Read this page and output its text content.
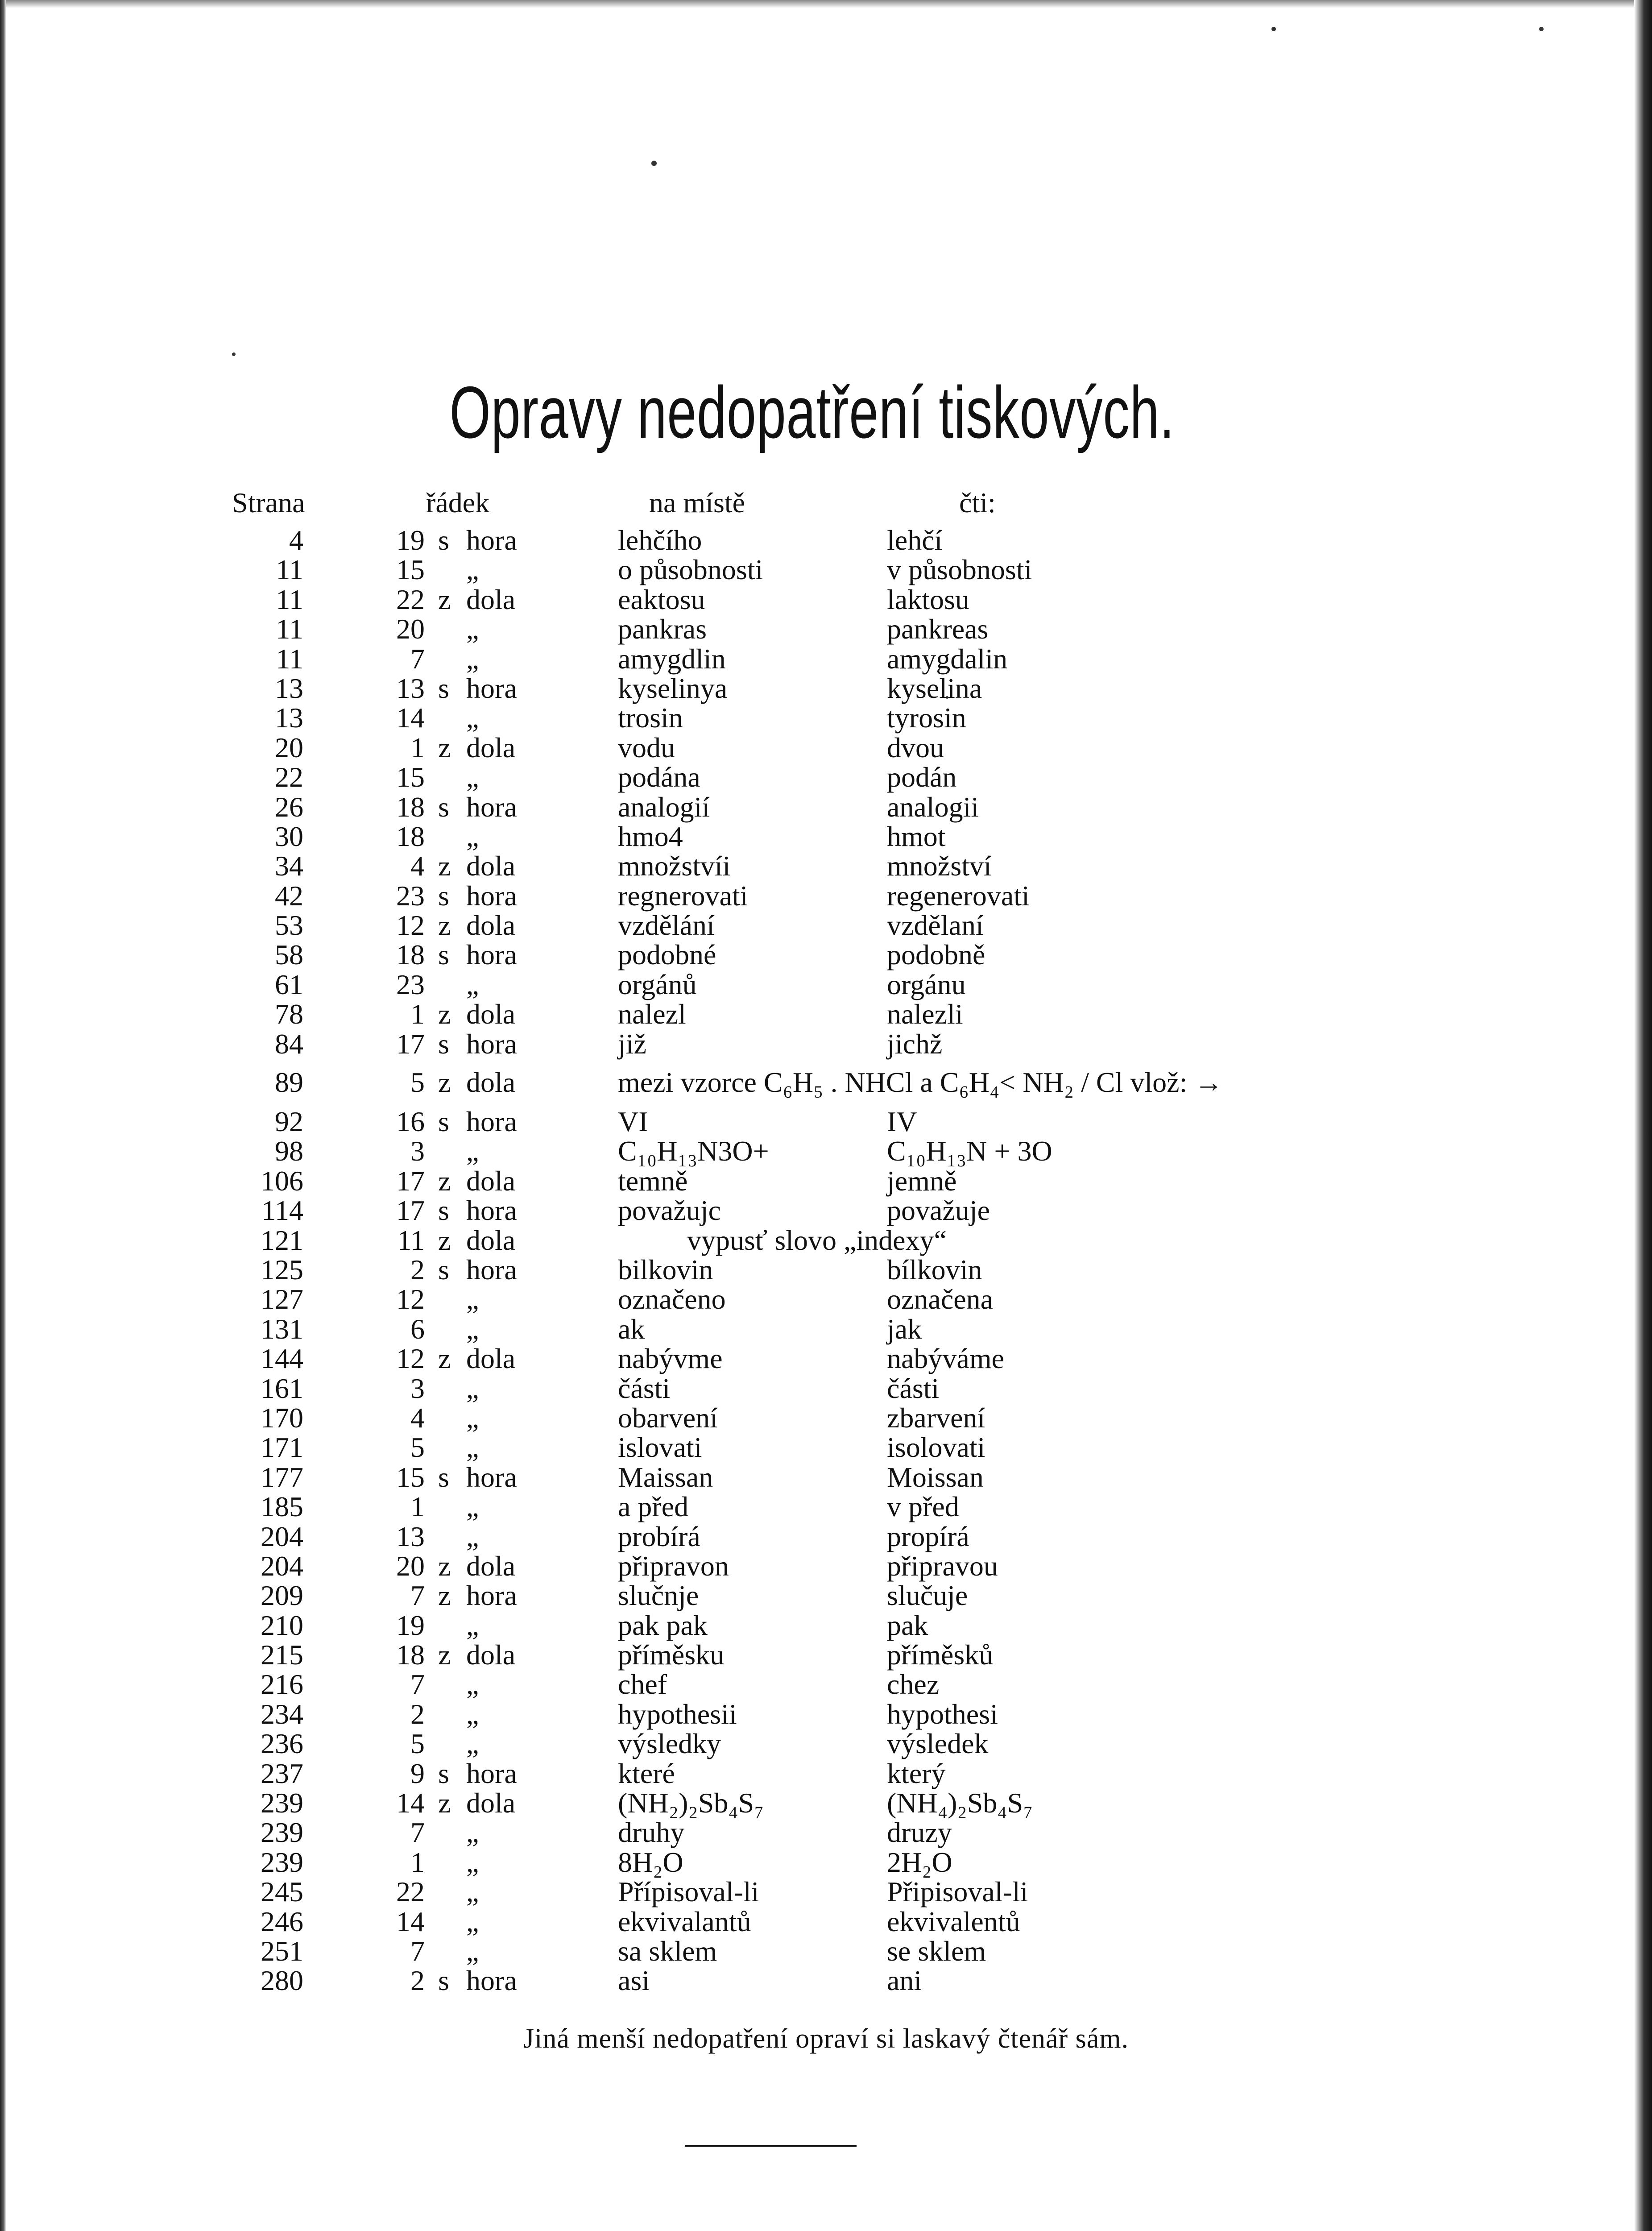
Opravy nedopatření tiskových.
Strana	řádek	na místě	čti:
4	19 s hora	lehčího	lehčí
11	15 „	o působnosti	v působnosti
11	22 z dola	eaktosu	laktosu
11	20 „	pankras	pankreas
11	7 „	amygdlin	amygdalin
13	13 s hora	kyselinya	kyselina
13	14 „	trosin	tyrosin
20	1 z dola	vodu	dvou
22	15 „	podána	podán
26	18 s hora	analogií	analogii
30	18 „	hmo4	hmot
34	4 z dola	množstvíi	množství
42	23 s hora	regnerovati	regenerovati
53	12 z dola	vzdělání	vzdělaní
58	18 s hora	podobné	podobně
61	23 „	orgánů	orgánu
78	1 z dola	nalezl	nalezli
84	17 s hora	již	jichž
89	5 z dola	mezi vzorce C₆H₅ . NHCl a C₆H₄< NH₂ / Cl vlož: →
92	16 s hora	VI	IV
98	3 „	C₁₀H₁₃N3O+	C₁₀H₁₃N + 3O
106	17 z dola	temně	jemně
114	17 s hora	považujc	považuje
121	11 z dola	vypusť slovo „indexy“
125	2 s hora	bilkovin	bílkovin
127	12 „	označeno	označena
131	6 „	ak	jak
144	12 z dola	nabývme	nabýváme
161	3 „	části	části
170	4 „	obarvení	zbarvení
171	5 „	islovati	isolovati
177	15 s hora	Maissan	Moissan
185	1 „	a před	v před
204	13 „	probírá	propírá
204	20 z dola	připravon	připravou
209	7 z hora	slučnje	slučuje
210	19 „	pak pak	pak
215	18 z dola	příměsku	příměsků
216	7 „	chef	chez
234	2 „	hypothesii	hypothesi
236	5 „	výsledky	výsledek
237	9 s hora	které	který
239	14 z dola	(NH₂)₂Sb₄S₇	(NH₄)₂Sb₄S₇
239	7 „	druhy	druzy
239	1 „	8H₂O	2H₂O
245	22 „	Přípisoval-li	Připisoval-li
246	14 „	ekvivalantů	ekvivalentů
251	7 „	sa sklem	se sklem
280	2 s hora	asi	ani
Jiná menší nedopatření opraví si laskavý čtenář sám.
